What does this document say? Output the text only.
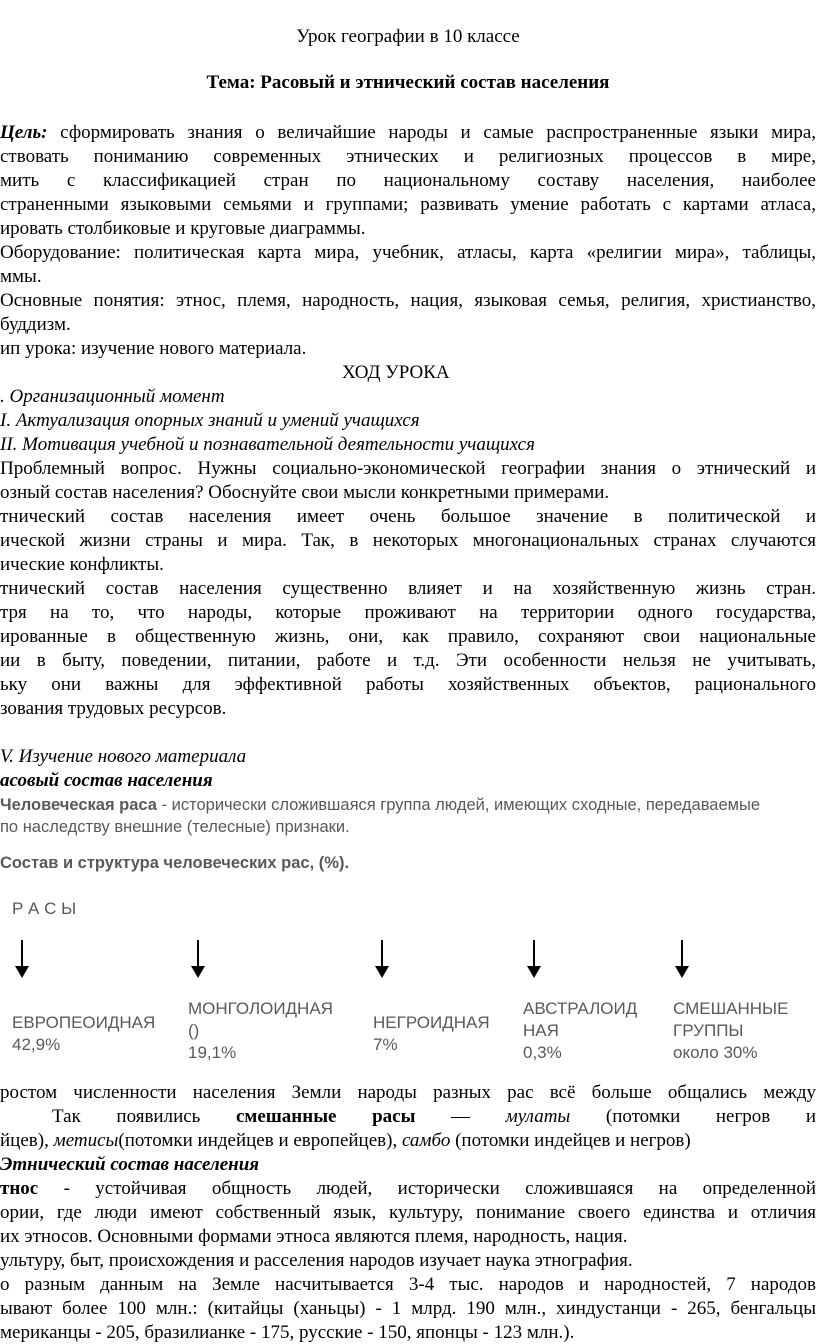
Урок географии в 10 классе
Тема: Расовый и этнический состав населения
Цель: сформировать знания о величайшие народы и самые распространенные языки мира,
ствовать пониманию современных этнических и религиозных процессов в мире,
мить с классификацией стран по национальному составу населения, наиболее
страненными языковыми семьями и группами; развивать умение работать с картами атласа,
ировать столбиковые и круговые диаграммы.
Оборудование: политическая карта мира, учебник, атласы, карта «религии мира», таблицы,
ммы.
Основные понятия: этнос, племя, народность, нация, языковая семья, религия, христианство,
буддизм.
ип урока: изучение нового материала.
ХОД УРОКА
. Организационный момент
I. Актуализация опорных знаний и умений учащихся
II. Мотивация учебной и познавательной деятельности учащихся
Проблемный вопрос. Нужны социально-экономической географии знания о этнический и
озный состав населения? Обоснуйте свои мысли конкретными примерами.
тнический состав населения имеет очень большое значение в политической и
ической жизни страны и мира. Так, в некоторых многонациональных странах случаются
ические конфликты.
тнический состав населения существенно влияет и на хозяйственную жизнь стран.
тря на то, что народы, которые проживают на территории одного государства,
ированные в общественную жизнь, они, как правило, сохраняют свои национальные
ии в быту, поведении, питании, работе и т.д. Эти особенности нельзя не учитывать,
ьку они важны для эффективной работы хозяйственных объектов, рационального
зования трудовых ресурсов.
V. Изучение нового материала
асовый состав населения
Человеческая раса - исторически сложившаяся группа людей, имеющих сходные, передаваемые
по наследству внешние (телесные) признаки.
Состав и структура человеческих рас, (%).
Р А С Ы
ЕВРОПЕОИДНАЯ
42,9%
МОНГОЛОИДНАЯ
()
19,1%
НЕГРОИДНАЯ
7%
АВСТРАЛОИД
НАЯ
0,3%
СМЕШАННЫЕ
ГРУППЫ
около 30%
ростом численности населения Земли народы разных рас всё больше общались между
Так появились смешанные расы — мулаты (потомки негров и
йцев), метисы(потомки индейцев и европейцев), самбо (потомки индейцев и негров)
Этнический состав населения
тнос - устойчивая общность людей, исторически сложившаяся на определенной
ории, где люди имеют собственный язык, культуру, понимание своего единства и отличия
их этносов. Основными формами этноса являются племя, народность, нация.
ультуру, быт, происхождения и расселения народов изучает наука этнография.
о разным данным на Земле насчитывается 3-4 тыс. народов и народностей, 7 народов
ывают более 100 млн.: (китайцы (ханьцы) - 1 млрд. 190 млн., хиндустанци - 265, бенгальцы
мериканцы - 205, бразилианке - 175, русские - 150, японцы - 123 млн.).
